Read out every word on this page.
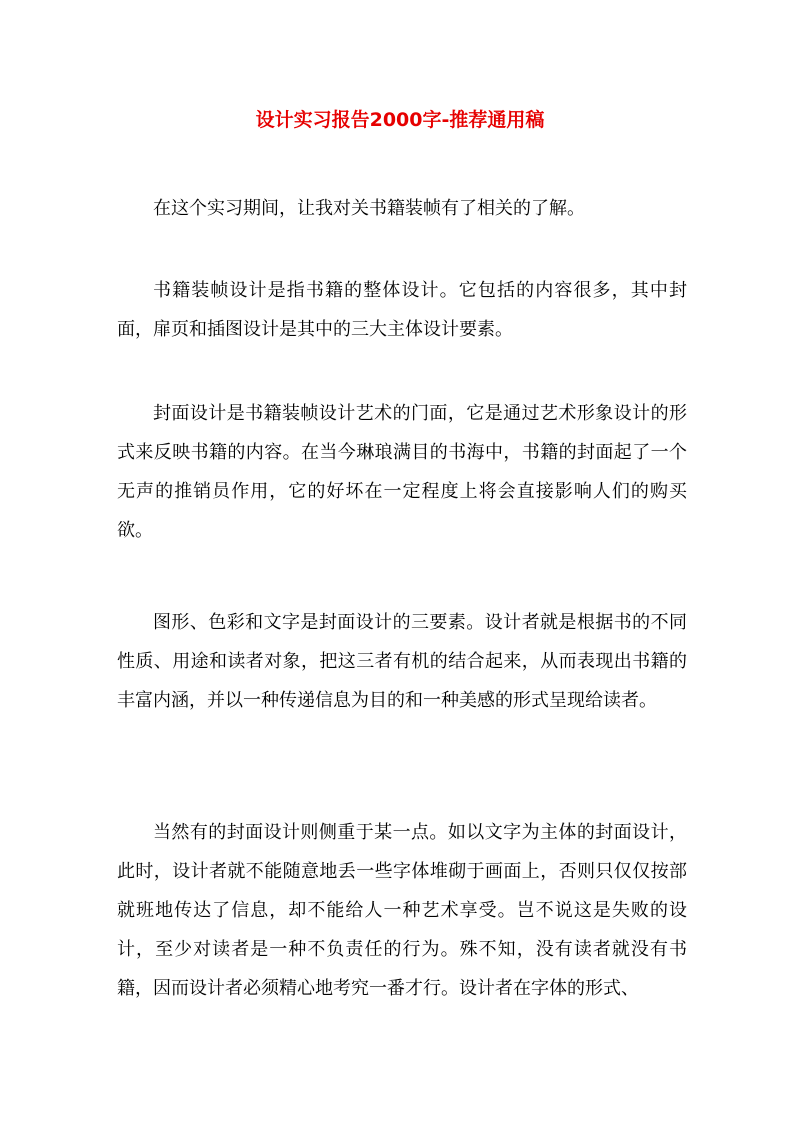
设计实习报告2000字-推荐通用稿
在这个实习期间，让我对关书籍装帧有了相关的了解。
书籍装帧设计是指书籍的整体设计。它包括的内容很多，其中封面，扉页和插图设计是其中的三大主体设计要素。
封面设计是书籍装帧设计艺术的门面，它是通过艺术形象设计的形式来反映书籍的内容。在当今琳琅满目的书海中，书籍的封面起了一个无声的推销员作用，它的好坏在一定程度上将会直接影响人们的购买欲。
图形、色彩和文字是封面设计的三要素。设计者就是根据书的不同性质、用途和读者对象，把这三者有机的结合起来，从而表现出书籍的丰富内涵，并以一种传递信息为目的和一种美感的形式呈现给读者。
当然有的封面设计则侧重于某一点。如以文字为主体的封面设计，此时，设计者就不能随意地丢一些字体堆砌于画面上，否则只仅仅按部就班地传达了信息，却不能给人一种艺术享受。岂不说这是失败的设计，至少对读者是一种不负责任的行为。殊不知，没有读者就没有书籍，因而设计者必须精心地考究一番才行。设计者在字体的形式、
